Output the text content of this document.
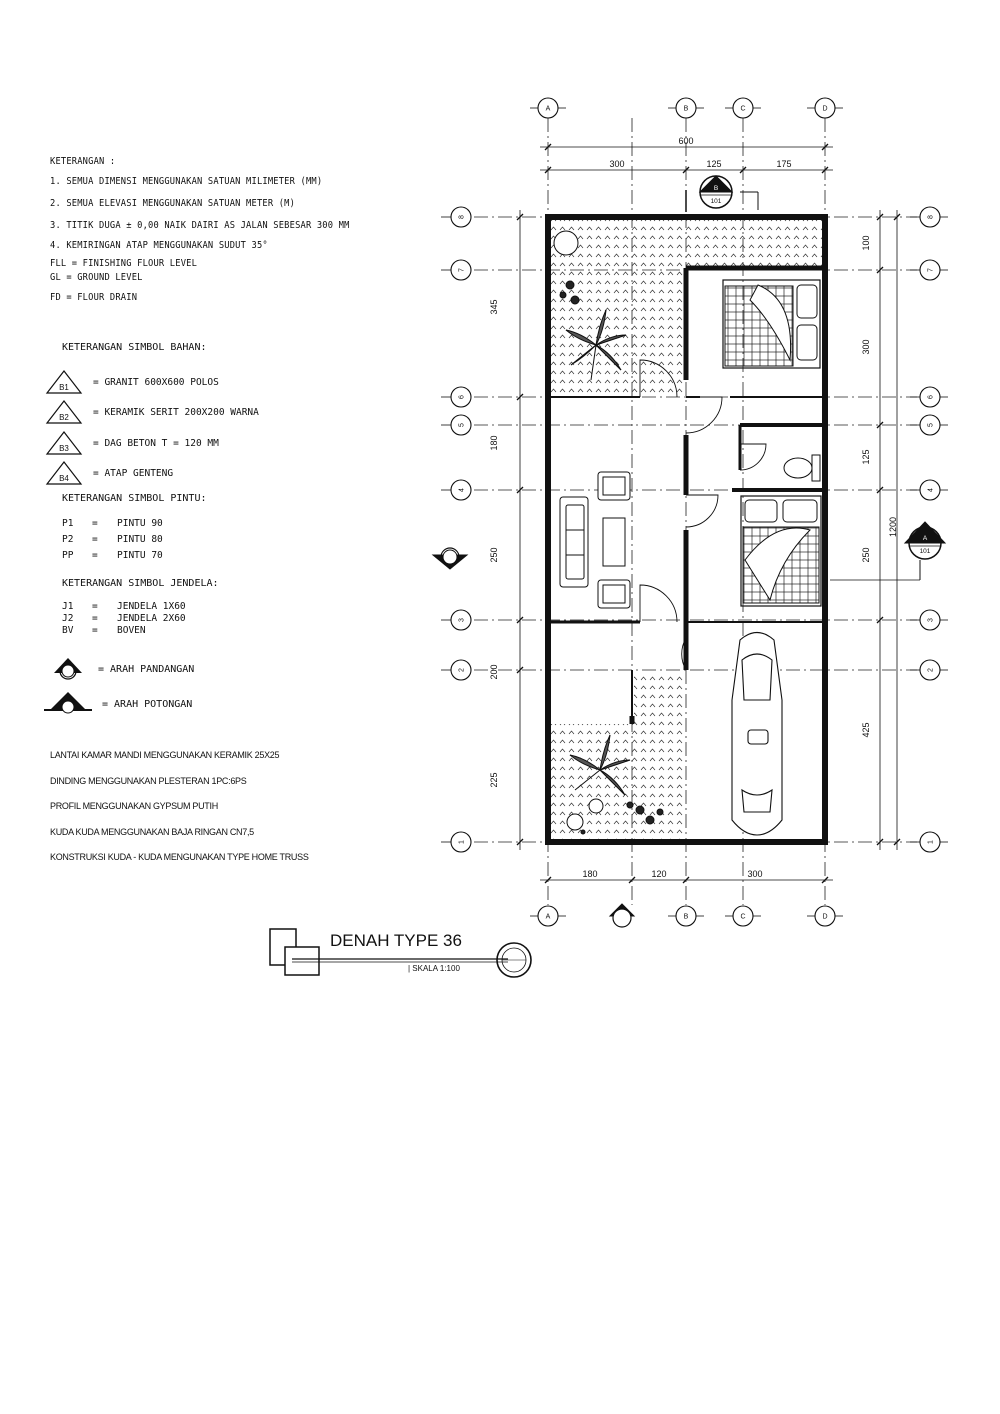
KETERANGAN :
1. SEMUA DIMENSI MENGGUNAKAN SATUAN MILIMETER (MM)
2. SEMUA ELEVASI MENGGUNAKAN SATUAN METER (M)
3. TITIK DUGA ± 0,00 NAIK DAIRI AS JALAN SEBESAR 300 MM
4. KEMIRINGAN ATAP MENGGUNAKAN SUDUT 35°
FLL = FINISHING FLOUR LEVEL
GL = GROUND LEVEL
FD = FLOUR DRAIN
KETERANGAN SIMBOL BAHAN:
B1	= GRANIT 600X600 POLOS
B2	= KERAMIK SERIT 200X200 WARNA
B3	= DAG BETON T = 120 MM
B4	= ATAP GENTENG
KETERANGAN SIMBOL PINTU:
P1	=	PINTU 90
P2	=	PINTU 80
PP	=	PINTU 70
KETERANGAN SIMBOL JENDELA:
J1	=	JENDELA 1X60
J2	=	JENDELA 2X60
BV	=	BOVEN
= ARAH PANDANGAN
= ARAH POTONGAN
LANTAI KAMAR MANDI MENGGUNAKAN KERAMIK 25X25
DINDING MENGGUNAKAN PLESTERAN 1PC:6PS
PROFIL MENGGUNAKAN GYPSUM PUTIH
KUDA KUDA MENGGUNAKAN BAJA RINGAN CN7,5
KONSTRUKSI KUDA - KUDA MENGUNAKAN TYPE HOME TRUSS
A	B	C	D
A	B	C	D
8
7
6
5
4
3
2
1
8
7
6
5
4
3
2
1
600
300	125	175
180	120	300
345
180
250
200
225
100
300
125
250
425
1200
B
101
A
101
DENAH TYPE 36
| SKALA 1:100
